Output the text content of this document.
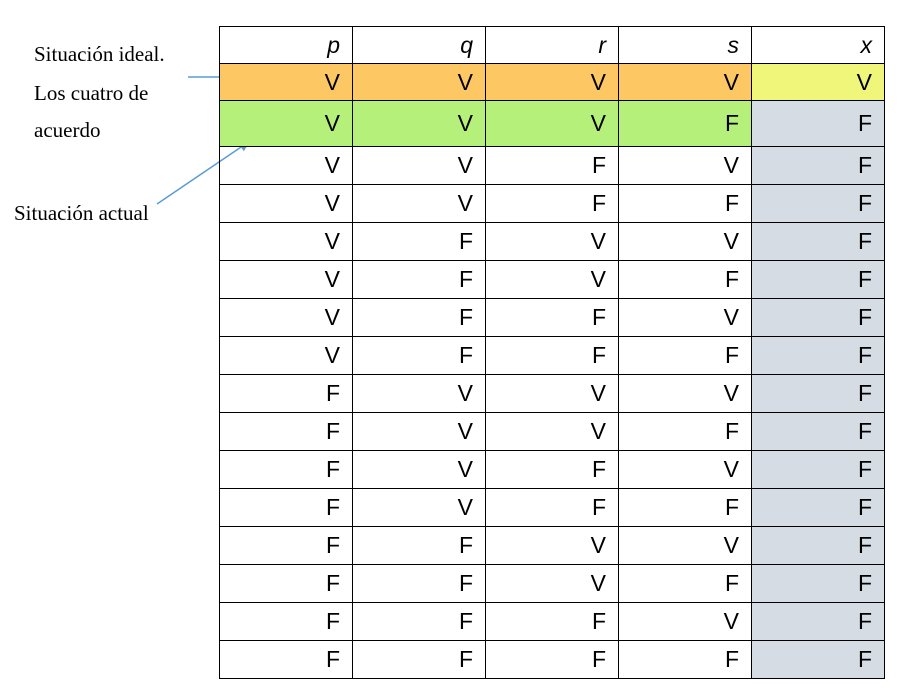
Situación ideal.
Los cuatro de
acuerdo
Situación actual
p	q	r	s	x
V	V	V	V	V
V	V	V	F	F
V	V	F	V	F
V	V	F	F	F
V	F	V	V	F
V	F	V	F	F
V	F	F	V	F
V	F	F	F	F
F	V	V	V	F
F	V	V	F	F
F	V	F	V	F
F	V	F	F	F
F	F	V	V	F
F	F	V	F	F
F	F	F	V	F
F	F	F	F	F
